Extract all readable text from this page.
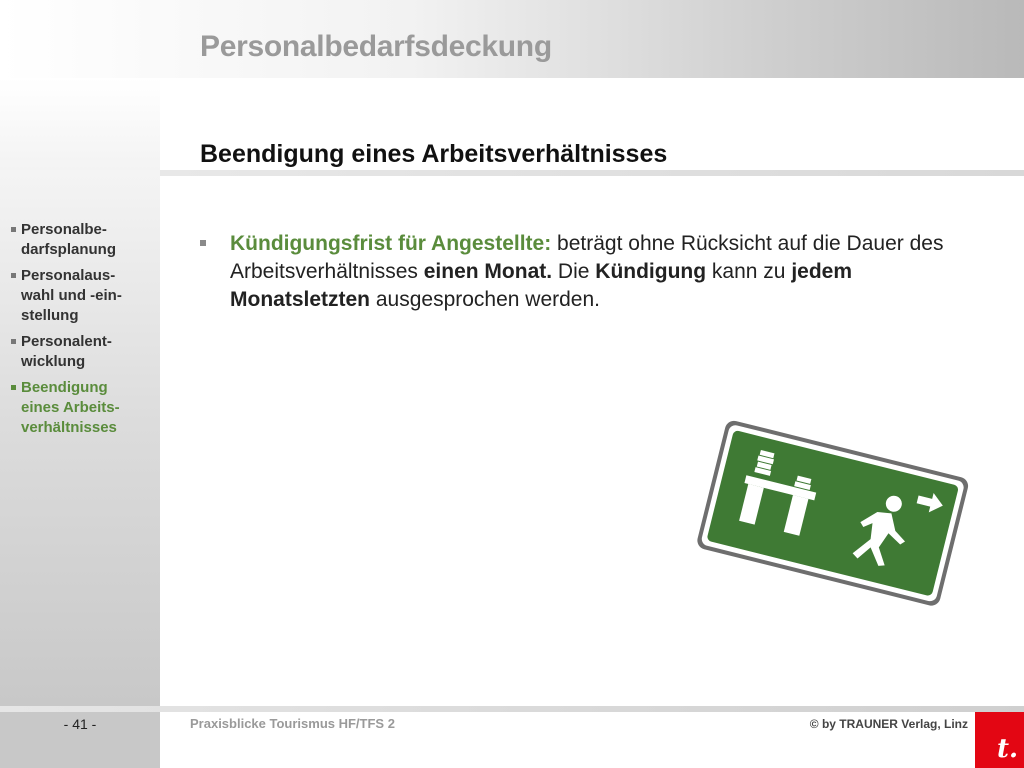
Personalbedarfsdeckung
Beendigung eines Arbeitsverhältnisses
Personalbe-
darfsplanung
Personalaus-
wahl und -ein-
stellung
Personalent-
wicklung
Beendigung
eines Arbeits-
verhältnisses
Kündigungsfrist für Angestellte: beträgt ohne Rücksicht auf die Dauer des Arbeitsverhältnisses einen Monat. Die Kündigung kann zu jedem Monatsletzten ausgesprochen werden.
- 41 -	Praxisblicke Tourismus HF/TFS 2	© by TRAUNER Verlag, Linz
t.
